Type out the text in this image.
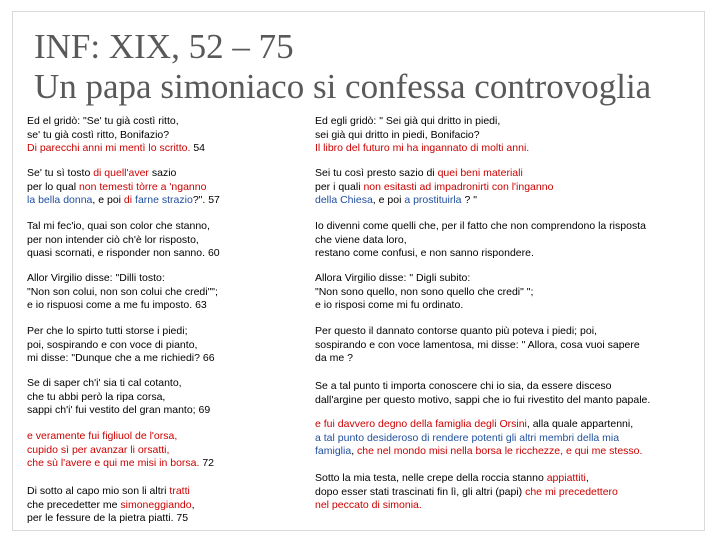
INF: XIX, 52 – 75
Un papa simoniaco si confessa controvoglia
Ed el gridò: "Se' tu già costì ritto,
se' tu già costì ritto, Bonifazio?
Di parecchi anni mi mentì lo scritto. 54
Se' tu sì tosto di quell'aver sazio
per lo qual non temesti tòrre a 'nganno
la bella donna, e poi di farne strazio?". 57
Tal mi fec'io, quai son color che stanno,
per non intender ciò ch'è lor risposto,
quasi scornati, e risponder non sanno. 60
Allor Virgilio disse: "Dilli tosto:
"Non son colui, non son colui che credi"";
e io rispuosi come a me fu imposto. 63
Per che lo spirto tutti storse i piedi;
poi, sospirando e con voce di pianto,
mi disse: "Dunque che a me richiedi? 66
Se di saper ch'i' sia ti cal cotanto,
che tu abbi però la ripa corsa,
sappi ch'i' fui vestito del gran manto; 69
e veramente fui figliuol de l'orsa,
cupido sì per avanzar li orsatti,
che sù l'avere e qui me misi in borsa. 72
Di sotto al capo mio son li altri tratti
che precedetter me simoneggiando,
per le fessure de la pietra piatti. 75
Ed egli gridò: " Sei già qui dritto in piedi,
sei già qui dritto in piedi, Bonifacio?
Il libro del futuro mi ha ingannato di molti anni.
Sei tu così presto sazio di quei beni materiali
per i quali non esitasti ad impadronirti con l'inganno
della Chiesa, e poi a prostituirla ? "
Io divenni come quelli che, per il fatto che non comprendono la risposta
che viene data loro,
restano come confusi, e non sanno rispondere.
Allora Virgilio disse: " Digli subito:
"Non sono quello, non sono quello che credi" ";
e io risposi come mi fu ordinato.
Per questo il dannato contorse quanto più poteva i piedi; poi,
sospirando e con voce lamentosa, mi disse: " Allora, cosa vuoi sapere
da me ?
Se a tal punto ti importa conoscere chi io sia, da essere disceso
dall'argine per questo motivo, sappi che io fui rivestito del manto papale.
e fui davvero degno della famiglia degli Orsini, alla quale appartenni,
a tal punto desideroso di rendere potenti gli altri membri della mia
famiglia, che nel mondo misi nella borsa le ricchezze, e qui me stesso.
Sotto la mia testa, nelle crepe della roccia stanno appiattiti,
dopo esser stati trascinati fin lì, gli altri (papi) che mi precedettero
nel peccato di simonia.
